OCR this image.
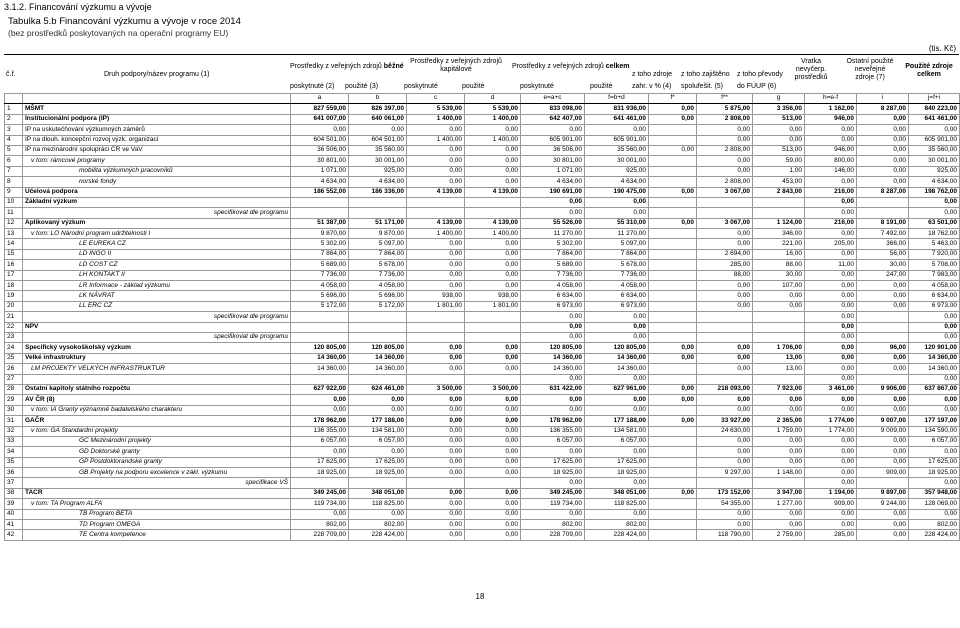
3.1.2. Financování výzkumu a vývoje
Tabulka 5.b Financování výzkumu a vývoje v roce 2014
(bez prostředků poskytovaných na operační programy EU)
(tis. Kč)
č.ř.	Druh podpory/název programu (1)
Prostředky z veřejných zdrojů běžné
poskytnuté (2) použité (3)
Prostředky z veřejných zdrojů kapitálové
poskytnuté	použité
Prostředky z veřejných zdrojů celkem
poskytnuté	použité
z toho zdroje
zahr. v % (4)
z toho zajištěno
spolufešit. (5)
z toho převody
do FÚUP (6)
Vratka
nevyčerp.
prostředků
Ostatní použité
neveřejné
zdroje (7)
Použité zdroje
celkem
		a	b	c	d	e=a+c	f=b+d	f*	f**	g	h=e-f	i	j=f+i
1	MŠMT	827 559,00	826 397,00	5 539,00	5 539,00	833 098,00	831 936,00	0,00	5 875,00	3 356,00	1 162,00	8 287,00	840 223,00
2	Institucionální podpora (IP)	641 007,00	640 061,00	1 400,00	1 400,00	642 407,00	641 461,00	0,00	2 808,00	513,00	946,00	0,00	641 461,00
3	IP na uskutečňování výzkumných záměrů	0,00	0,00	0,00	0,00	0,00	0,00		0,00	0,00	0,00	0,00	0,00
4	IP na dlouh. koncepční rozvoj výzk. organizací	604 501,00	604 501,00	1 400,00	1 400,00	605 901,00	605 901,00		0,00	0,00	0,00	0,00	605 901,00
5	IP na mezinárodní spolupráci ČR ve VaV	36 506,00	35 560,00	0,00	0,00	36 506,00	35 560,00	0,00	2 808,00	513,00	946,00	0,00	35 560,00
6	v tom: rámcové programy	30 801,00	30 001,00	0,00	0,00	30 801,00	30 001,00		0,00	59,00	800,00	0,00	30 001,00
7	mobilita výzkumných pracovníků	1 071,00	925,00	0,00	0,00	1 071,00	925,00		0,00	1,00	146,00	0,00	925,00
8	norské fondy	4 634,00	4 634,00	0,00	0,00	4 634,00	4 634,00		2 808,00	453,00	0,00	0,00	4 634,00
9	Účelová podpora	186 552,00	186 336,00	4 139,00	4 139,00	190 691,00	190 475,00	0,00	3 067,00	2 843,00	216,00	8 287,00	198 762,00
10	Základní výzkum					0,00	0,00				0,00		0,00
11	specifikovat dle programu					0,00	0,00				0,00		0,00
12	Aplikovaný výzkum	51 387,00	51 171,00	4 139,00	4 139,00	55 526,00	55 310,00	0,00	3 067,00	1 124,00	216,00	8 191,00	63 501,00
13	v tom: LO Národní program udržitelnosti I	9 870,00	9 870,00	1 400,00	1 400,00	11 270,00	11 270,00		0,00	346,00	0,00	7 492,00	18 762,00
14	LE EUREKA CZ	5 302,00	5 097,00	0,00	0,00	5 302,00	5 097,00		0,00	221,00	205,00	366,00	5 463,00
15	LD INGO II	7 864,00	7 864,00	0,00	0,00	7 864,00	7 864,00		2 694,00	16,00	0,00	56,00	7 920,00
16	LD COST CZ	5 689,00	5 678,00	0,00	0,00	5 689,00	5 678,00		285,00	88,00	11,00	30,00	5 708,00
17	LH KONTAKT II	7 736,00	7 736,00	0,00	0,00	7 736,00	7 736,00		88,00	30,00	0,00	247,00	7 983,00
18	LR Informace - základ výzkumu	4 058,00	4 058,00	0,00	0,00	4 058,00	4 058,00		0,00	107,00	0,00	0,00	4 058,00
19	LK NÁVRAT	5 696,00	5 696,00	938,00	938,00	6 634,00	6 634,00		0,00	0,00	0,00	0,00	6 634,00
20	LL ERC CZ	5 172,00	5 172,00	1 801,00	1 801,00	6 973,00	6 973,00		0,00	0,00	0,00	0,00	6 973,00
21	specifikovat dle programu					0,00	0,00				0,00		0,00
22	NPV					0,00	0,00				0,00		0,00
23	specifikovat dle programu					0,00	0,00				0,00		0,00
24	Specifický vysokoškolský výzkum	120 805,00	120 805,00	0,00	0,00	120 805,00	120 805,00	0,00	0,00	1 706,00	0,00	96,00	120 901,00
25	Velké infrastruktury	14 360,00	14 360,00	0,00	0,00	14 360,00	14 360,00	0,00	0,00	13,00	0,00	0,00	14 360,00
26	LM PROJEKTY VELKÝCH INFRASTRUKTUR	14 360,00	14 360,00	0,00	0,00	14 360,00	14 360,00		0,00	13,00	0,00	0,00	14 360,00
27						0,00	0,00				0,00		0,00
28	Ostatní kapitoly státního rozpočtu	627 922,00	624 461,00	3 500,00	3 500,00	631 422,00	627 961,00	0,00	218 093,00	7 923,00	3 461,00	9 906,00	637 867,00
29	AV ČR (8)	0,00	0,00	0,00	0,00	0,00	0,00	0,00	0,00	0,00	0,00	0,00	0,00
30	v tom: IA Granty významně badatelského charakteru	0,00	0,00	0,00	0,00	0,00	0,00		0,00	0,00	0,00	0,00	0,00
31	GAČR	178 962,00	177 188,00	0,00	0,00	178 962,00	177 188,00	0,00	33 927,00	2 365,00	1 774,00	9 007,00	177 197,00
32	v tom: GA Standardní projekty	136 355,00	134 581,00	0,00	0,00	136 355,00	134 581,00		24 630,00	1 759,00	1 774,00	9 009,00	134 590,00
33	GC Mezinárodní projekty	6 057,00	6 057,00	0,00	0,00	6 057,00	6 057,00		0,00	0,00	0,00	0,00	6 057,00
34	GD Doktorské granty	0,00	0,00	0,00	0,00	0,00	0,00		0,00	0,00	0,00	0,00	0,00
35	GP Postdoktorandské granty	17 625,00	17 625,00	0,00	0,00	17 625,00	17 625,00		0,00	0,00	0,00	0,00	17 625,00
36	GB Projekty na podporu excelence v zákl. výzkumu	18 925,00	18 925,00	0,00	0,00	18 925,00	18 925,00		9 297,00	1 148,00	0,00	909,00	18 925,00
37	specifikace VŠ					0,00	0,00				0,00		0,00
38	TAČR	349 245,00	348 051,00	0,00	0,00	349 245,00	348 051,00	0,00	173 152,00	3 947,00	1 194,00	9 897,00	357 948,00
39	v tom: TA Program ALFA	119 734,00	118 825,00	0,00	0,00	119 734,00	118 825,00		54 355,00	1 277,00	909,00	9 244,00	128 069,00
40	TB Program BETA	0,00	0,00	0,00	0,00	0,00	0,00		0,00	0,00	0,00	0,00	0,00
41	TD Program OMEGA	802,00	802,00	0,00	0,00	802,00	802,00		0,00	0,00	0,00	0,00	802,00
42	TE Centra kompetence	228 709,00	228 424,00	0,00	0,00	228 709,00	228 424,00		118 790,00	2 759,00	285,00	0,00	228 424,00
18
